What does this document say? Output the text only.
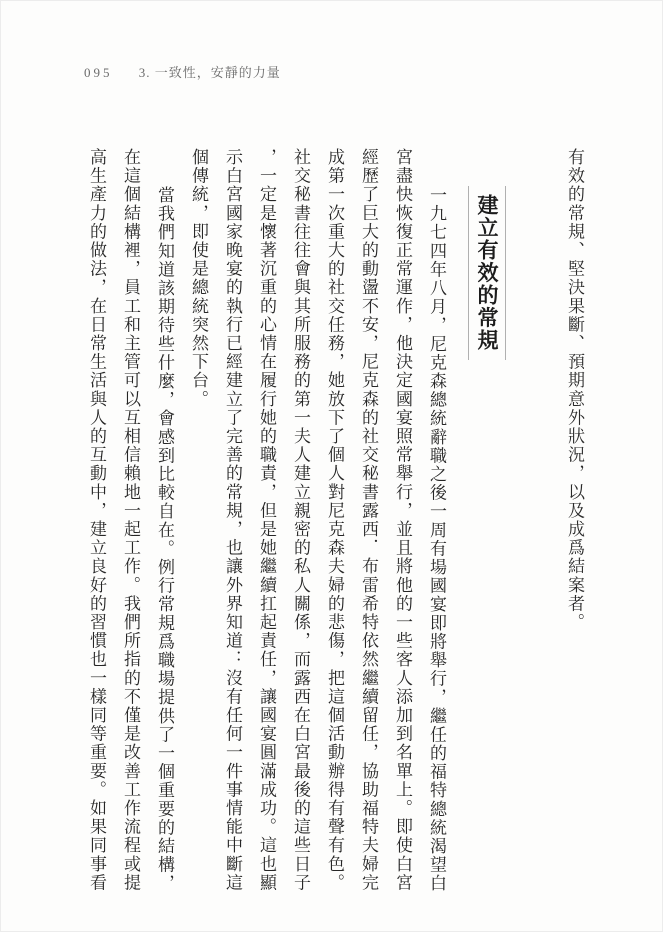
095 3. 一致性，安靜的力量

有效的常規、堅決果斷、預期意外狀況，以及成爲結案者。

建立有效的常規

一九七四年八月，尼克森總統辭職之後一周有場國宴即將舉行，繼任的福特總統渴望白宮盡快恢復正常運作，他決定國宴照常舉行，並且將他的一些客人添加到名單上。即使白宮經歷了巨大的動盪不安，尼克森的社交秘書露西．布雷希特依然繼續留任，協助福特夫婦完成第一次重大的社交任務，她放下了個人對尼克森夫婦的悲傷，把這個活動辦得有聲有色。社交秘書往往會與其所服務的第一夫人建立親密的私人關係，而露西在白宮最後的這些日子，一定是懷著沉重的心情在履行她的職責，但是她繼續扛起責任，讓國宴圓滿成功。這也顯示白宮國家晚宴的執行已經建立了完善的常規，也讓外界知道：沒有任何一件事情能中斷這個傳統，即使是總統突然下台。

當我們知道該期待些什麼，會感到比較自在。例行常規爲職場提供了一個重要的結構，在這個結構裡，員工和主管可以互相信賴地一起工作。我們所指的不僅是改善工作流程或提高生產力的做法，在日常生活與人的互動中，建立良好的習慣也一樣同等重要。如果同事看
